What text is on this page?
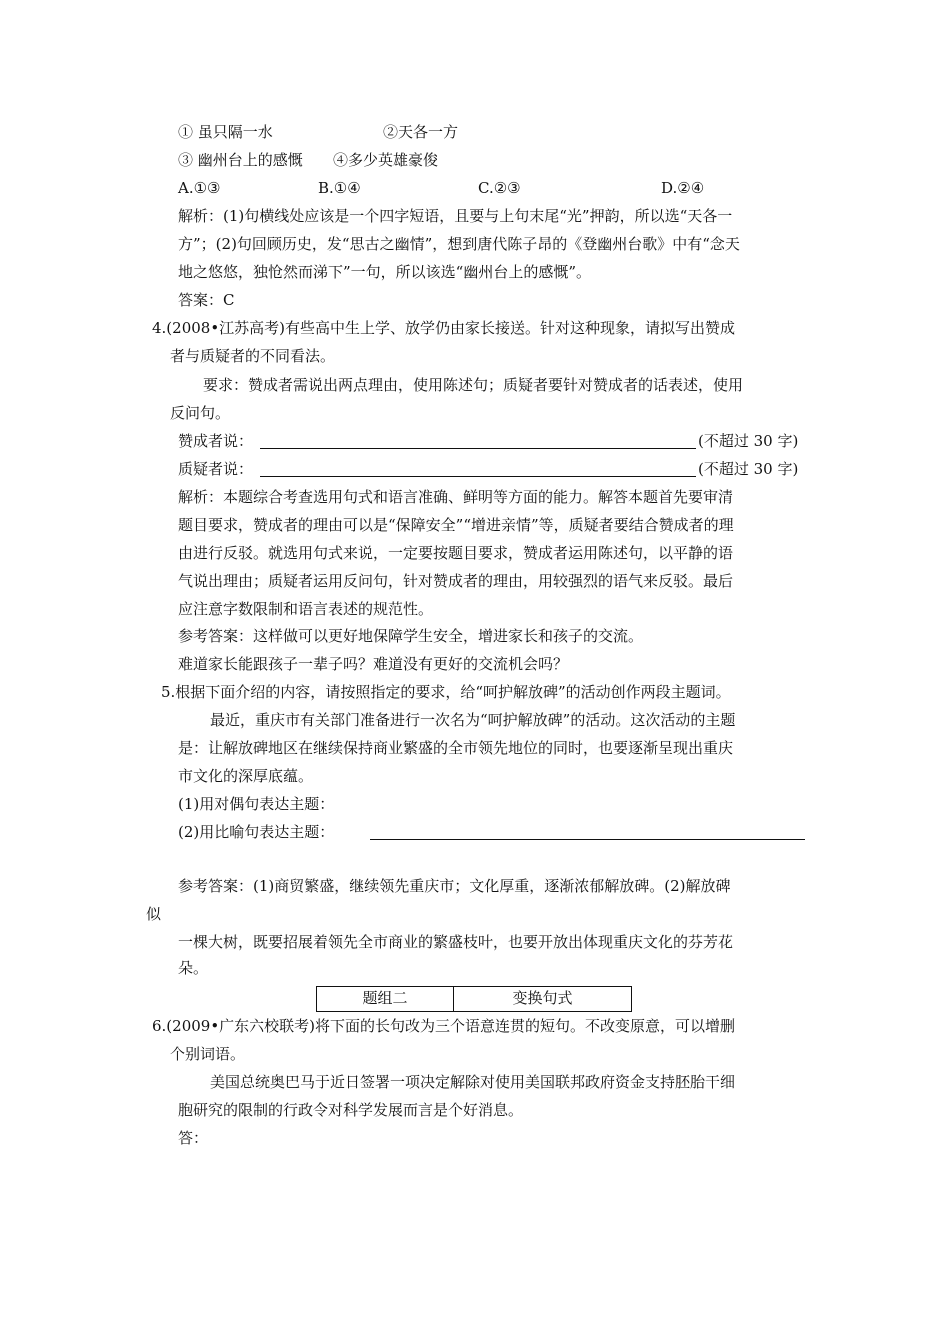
① 虽只隔一水	②天各一方
③ 幽州台上的感慨 ④多少英雄豪俊
A.①③	B.①④	C.②③	D.②④
解析：(1)句横线处应该是一个四字短语，且要与上句末尾“光”押韵，所以选“天各一
方”；(2)句回顾历史，发“思古之幽情”，想到唐代陈子昂的《登幽州台歌》中有“念天
地之悠悠，独怆然而涕下”一句，所以该选“幽州台上的感慨”。
答案：C
4.(2008•江苏高考)有些高中生上学、放学仍由家长接送。针对这种现象，请拟写出赞成
者与质疑者的不同看法。
要求：赞成者需说出两点理由，使用陈述句；质疑者要针对赞成者的话表述，使用
反问句。
赞成者说：	(不超过 30 字)
质疑者说：	(不超过 30 字)
解析：本题综合考查选用句式和语言准确、鲜明等方面的能力。解答本题首先要审清
题目要求，赞成者的理由可以是“保障安全”“增进亲情”等，质疑者要结合赞成者的理
由进行反驳。就选用句式来说，一定要按题目要求，赞成者运用陈述句，以平静的语
气说出理由；质疑者运用反问句，针对赞成者的理由，用较强烈的语气来反驳。最后
应注意字数限制和语言表述的规范性。
参考答案：这样做可以更好地保障学生安全，增进家长和孩子的交流。
难道家长能跟孩子一辈子吗？难道没有更好的交流机会吗？
5.根据下面介绍的内容，请按照指定的要求，给“呵护解放碑”的活动创作两段主题词。
最近，重庆市有关部门准备进行一次名为“呵护解放碑”的活动。这次活动的主题
是：让解放碑地区在继续保持商业繁盛的全市领先地位的同时，也要逐渐呈现出重庆
市文化的深厚底蕴。
(1)用对偶句表达主题：
(2)用比喻句表达主题：
参考答案：(1)商贸繁盛，继续领先重庆市；文化厚重，逐渐浓郁解放碑。(2)解放碑
似
一棵大树，既要招展着领先全市商业的繁盛枝叶，也要开放出体现重庆文化的芬芳花
朵。
题组二	变换句式
6.(2009•广东六校联考)将下面的长句改为三个语意连贯的短句。不改变原意，可以增删
个别词语。
美国总统奥巴马于近日签署一项决定解除对使用美国联邦政府资金支持胚胎干细
胞研究的限制的行政令对科学发展而言是个好消息。
答：
